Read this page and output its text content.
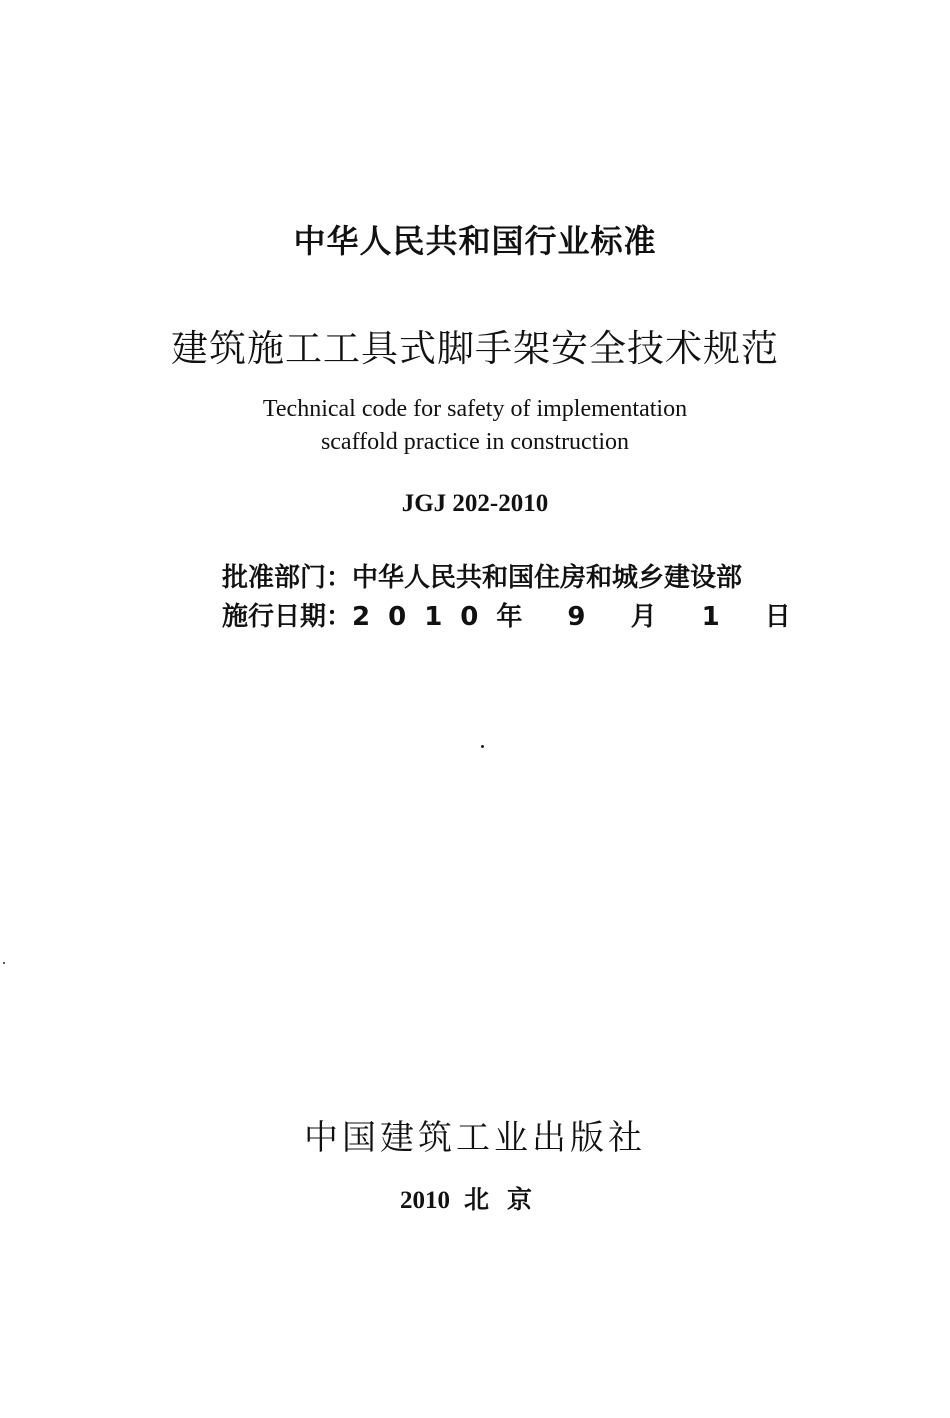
中华人民共和国行业标准
建筑施工工具式脚手架安全技术规范
Technical code for safety of implementation
scaffold practice in construction
JGJ 202-2010
批准部门：中华人民共和国住房和城乡建设部
施行日期：2010年 9 月 1 日
中国建筑工业出版社
2010 北京
